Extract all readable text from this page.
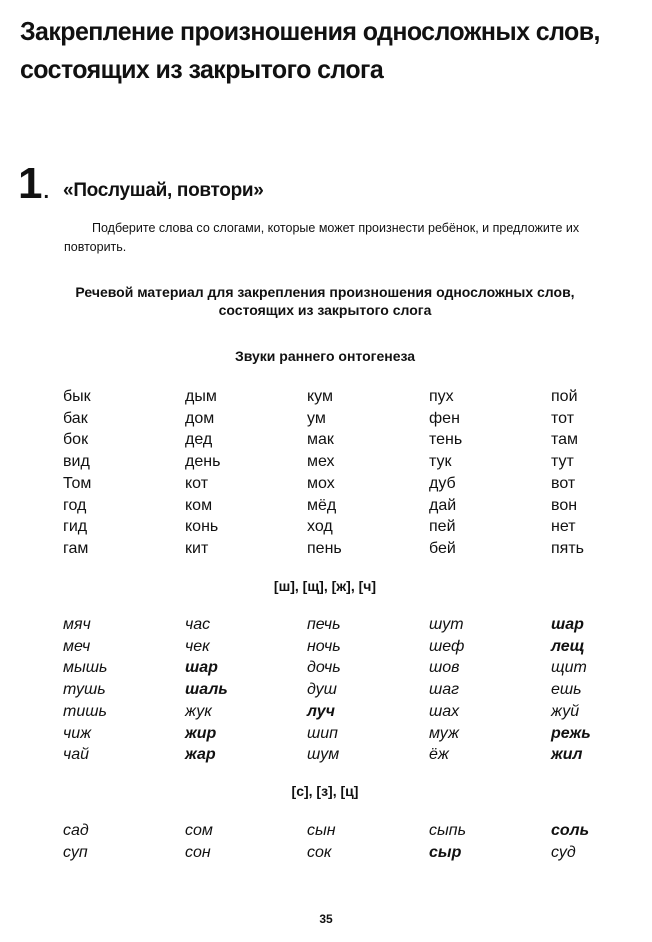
Закрепление произношения односложных слов, состоящих из закрытого слога
1 . «Послушай, повтори»

Подберите слова со слогами, которые может произнести ребёнок, и предложите их повторить.

Речевой материал для закрепления произношения односложных слов, состоящих из закрытого слога

Звуки раннего онтогенеза
бык	дым	кум	пух	пой
бак	дом	ум	фен	тот
бок	дед	мак	тень	там
вид	день	мех	тук	тут
Том	кот	мох	дуб	вот
год	ком	мёд	дай	вон
гид	конь	ход	пей	нет
гам	кит	пень	бей	пять
[ш], [щ], [ж], [ч]
мяч	час	печь	шут	шар
меч	чек	ночь	шеф	лещ
мышь	шар	дочь	шов	щит
тушь	шаль	душ	шаг	ешь
тишь	жук	луч	шах	жуй
чиж	жир	шип	муж	режь
чай	жар	шум	ёж	жил
[с], [з], [ц]
сад	сом	сын	сыпь	соль
суп	сон	сок	сыр	суд
35
